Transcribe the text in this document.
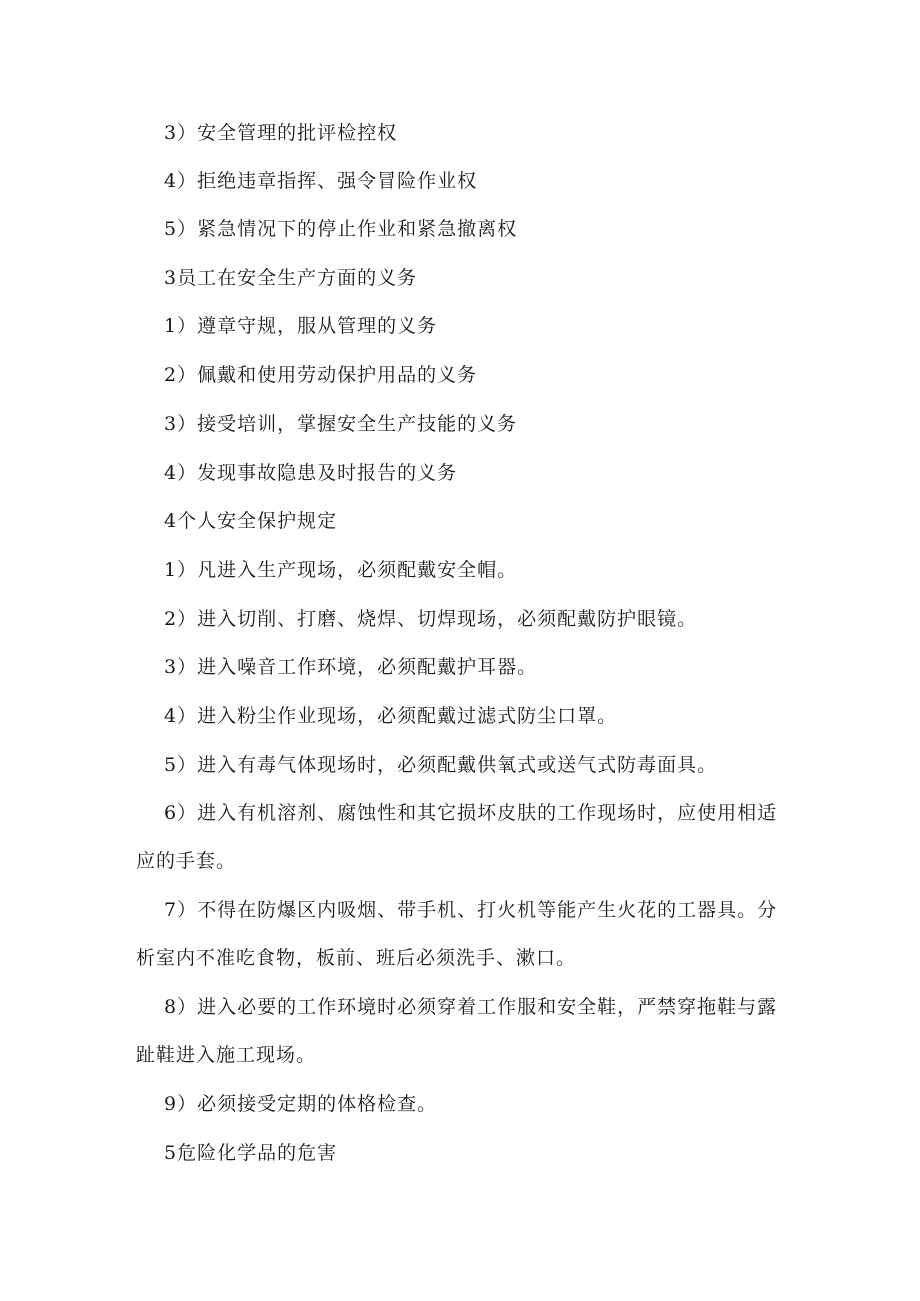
3）安全管理的批评检控权

4）拒绝违章指挥、强令冒险作业权

5）紧急情况下的停止作业和紧急撤离权

3员工在安全生产方面的义务

1）遵章守规，服从管理的义务

2）佩戴和使用劳动保护用品的义务

3）接受培训，掌握安全生产技能的义务

4）发现事故隐患及时报告的义务

4个人安全保护规定

1）凡进入生产现场，必须配戴安全帽。

2）进入切削、打磨、烧焊、切焊现场，必须配戴防护眼镜。

3）进入噪音工作环境，必须配戴护耳器。

4）进入粉尘作业现场，必须配戴过滤式防尘口罩。

5）进入有毒气体现场时，必须配戴供氧式或送气式防毒面具。

6）进入有机溶剂、腐蚀性和其它损坏皮肤的工作现场时，应使用相适应的手套。

7）不得在防爆区内吸烟、带手机、打火机等能产生火花的工器具。分析室内不准吃食物，板前、班后必须洗手、漱口。

8）进入必要的工作环境时必须穿着工作服和安全鞋，严禁穿拖鞋与露趾鞋进入施工现场。

9）必须接受定期的体格检查。

5危险化学品的危害
